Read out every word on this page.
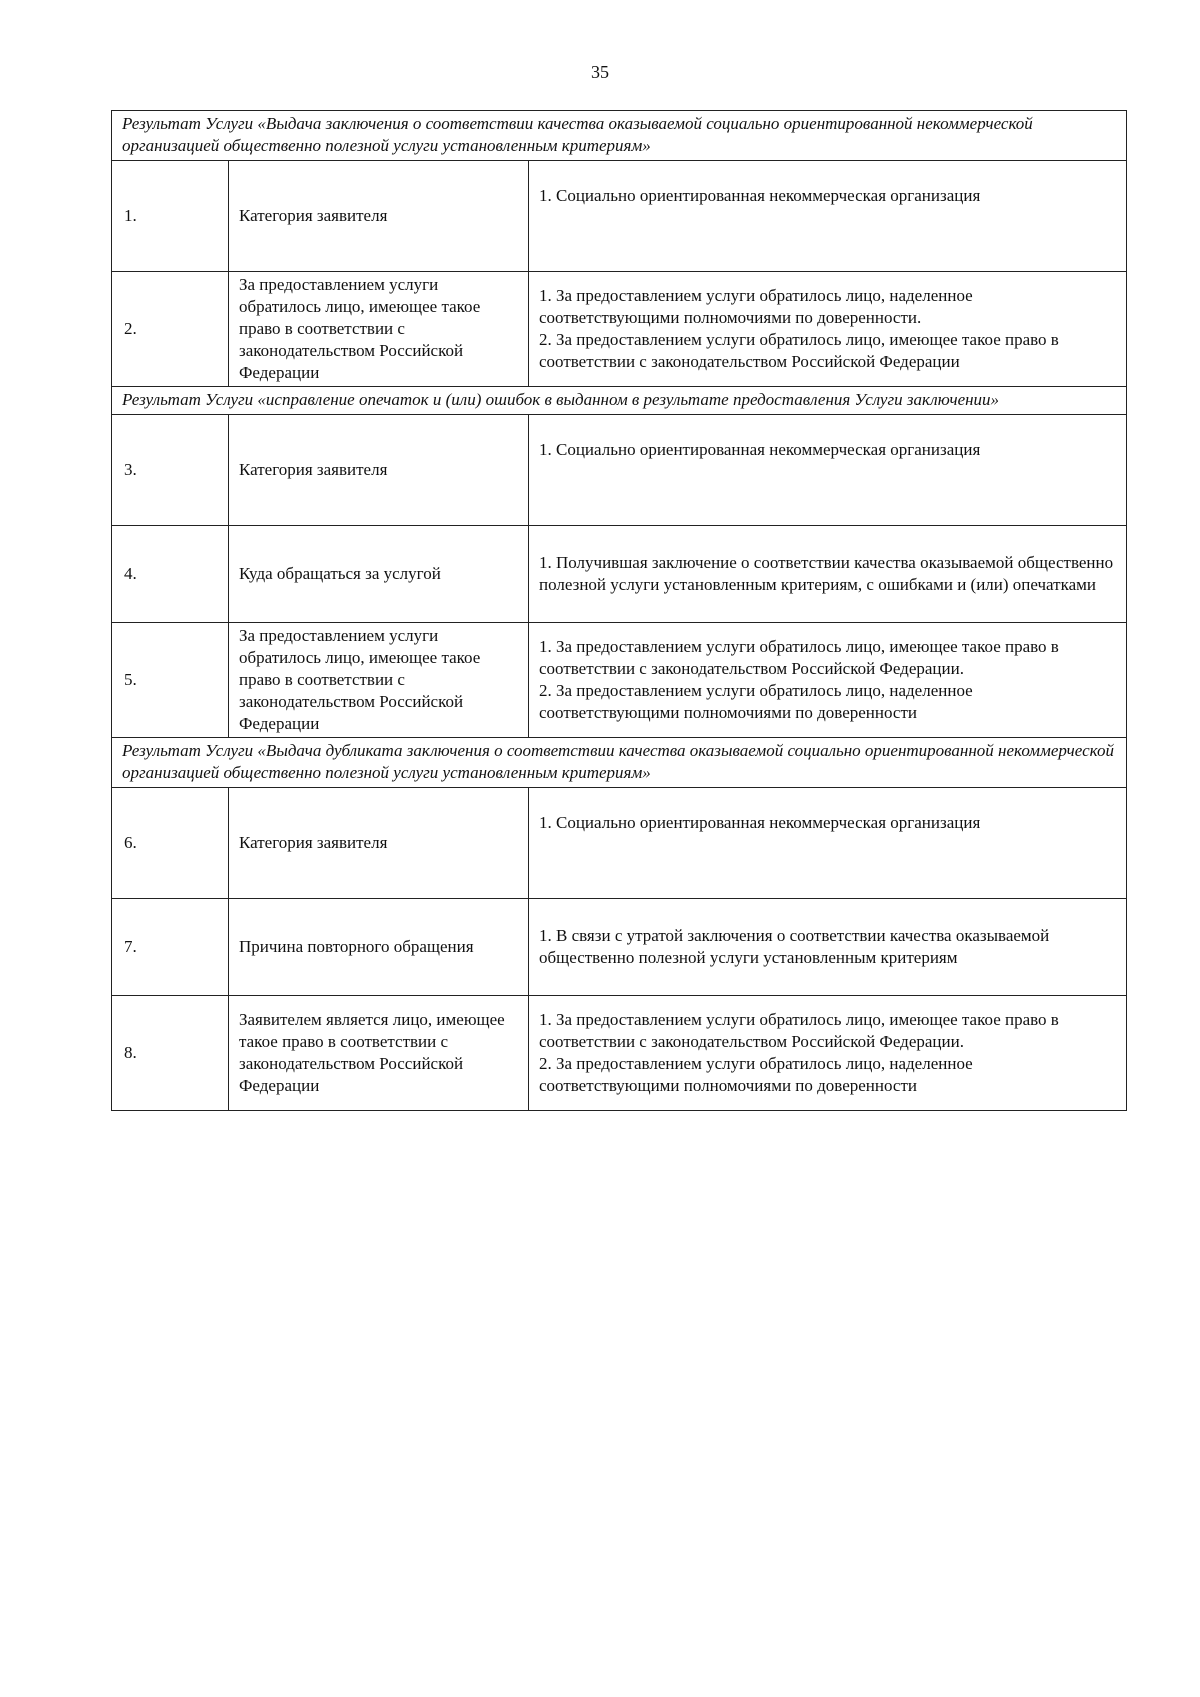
35
Результат Услуги «Выдача заключения о соответствии качества оказываемой социально ориентированной некоммерческой организацией общественно полезной услуги установленным критериям»		
1.	Категория заявителя	1. Социально ориентированная некоммерческая организация

2.	За предоставлением услуги обратилось лицо, имеющее такое право в соответствии с законодательством Российской Федерации	1. За предоставлением услуги обратилось лицо, наделенное соответствующими полномочиями по доверенности.
2. За предоставлением услуги обратилось лицо, имеющее такое право в соответствии с законодательством Российской Федерации

Результат Услуги «исправление опечаток и (или) ошибок в выданном в результате предоставления Услуги заключении»		
3.	Категория заявителя	1. Социально ориентированная некоммерческая организация

4.	Куда обращаться за услугой	1. Получившая заключение о соответствии качества оказываемой общественно полезной услуги установленным критериям, с ошибками и (или) опечатками

5.	За предоставлением услуги обратилось лицо, имеющее такое право в соответствии с законодательством Российской Федерации	1. За предоставлением услуги обратилось лицо, имеющее такое право в соответствии с законодательством Российской Федерации.
2. За предоставлением услуги обратилось лицо, наделенное соответствующими полномочиями по доверенности

Результат Услуги «Выдача дубликата заключения о соответствии качества оказываемой социально ориентированной некоммерческой организацией общественно полезной услуги установленным критериям»		
6.	Категория заявителя	1. Социально ориентированная некоммерческая организация

7.	Причина повторного обращения	1. В связи с утратой заключения о соответствии качества оказываемой общественно полезной услуги установленным критериям

8.	Заявителем является лицо, имеющее такое право в соответствии с законодательством Российской Федерации	1. За предоставлением услуги обратилось лицо, имеющее такое право в соответствии с законодательством Российской Федерации.
2. За предоставлением услуги обратилось лицо, наделенное соответствующими полномочиями по доверенности
